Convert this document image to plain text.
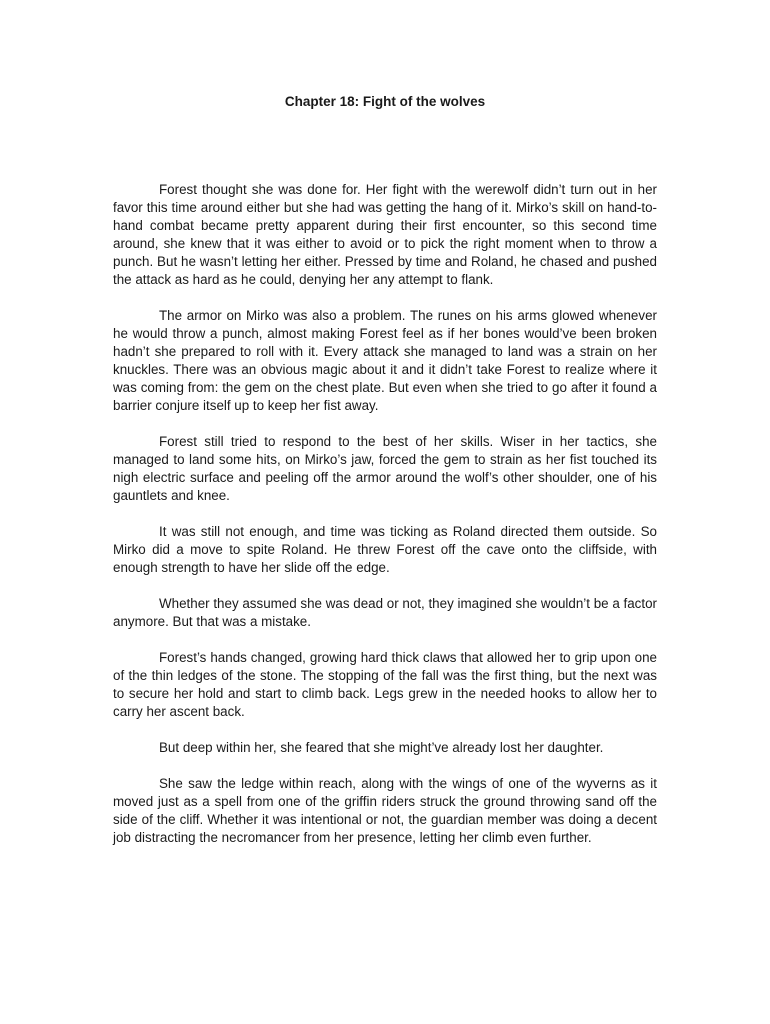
Chapter 18: Fight of the wolves

Forest thought she was done for. Her fight with the werewolf didn’t turn out in her favor this time around either but she had was getting the hang of it. Mirko’s skill on hand-to-hand combat became pretty apparent during their first encounter, so this second time around, she knew that it was either to avoid or to pick the right moment when to throw a punch. But he wasn’t letting her either. Pressed by time and Roland, he chased and pushed the attack as hard as he could, denying her any attempt to flank.

The armor on Mirko was also a problem. The runes on his arms glowed whenever he would throw a punch, almost making Forest feel as if her bones would’ve been broken hadn’t she prepared to roll with it. Every attack she managed to land was a strain on her knuckles. There was an obvious magic about it and it didn’t take Forest to realize where it was coming from: the gem on the chest plate. But even when she tried to go after it found a barrier conjure itself up to keep her fist away.

Forest still tried to respond to the best of her skills. Wiser in her tactics, she managed to land some hits, on Mirko’s jaw, forced the gem to strain as her fist touched its nigh electric surface and peeling off the armor around the wolf’s other shoulder, one of his gauntlets and knee.

It was still not enough, and time was ticking as Roland directed them outside. So Mirko did a move to spite Roland. He threw Forest off the cave onto the cliffside, with enough strength to have her slide off the edge.

Whether they assumed she was dead or not, they imagined she wouldn’t be a factor anymore. But that was a mistake.

Forest’s hands changed, growing hard thick claws that allowed her to grip upon one of the thin ledges of the stone. The stopping of the fall was the first thing, but the next was to secure her hold and start to climb back. Legs grew in the needed hooks to allow her to carry her ascent back.

But deep within her, she feared that she might’ve already lost her daughter.

She saw the ledge within reach, along with the wings of one of the wyverns as it moved just as a spell from one of the griffin riders struck the ground throwing sand off the side of the cliff. Whether it was intentional or not, the guardian member was doing a decent job distracting the necromancer from her presence, letting her climb even further.
